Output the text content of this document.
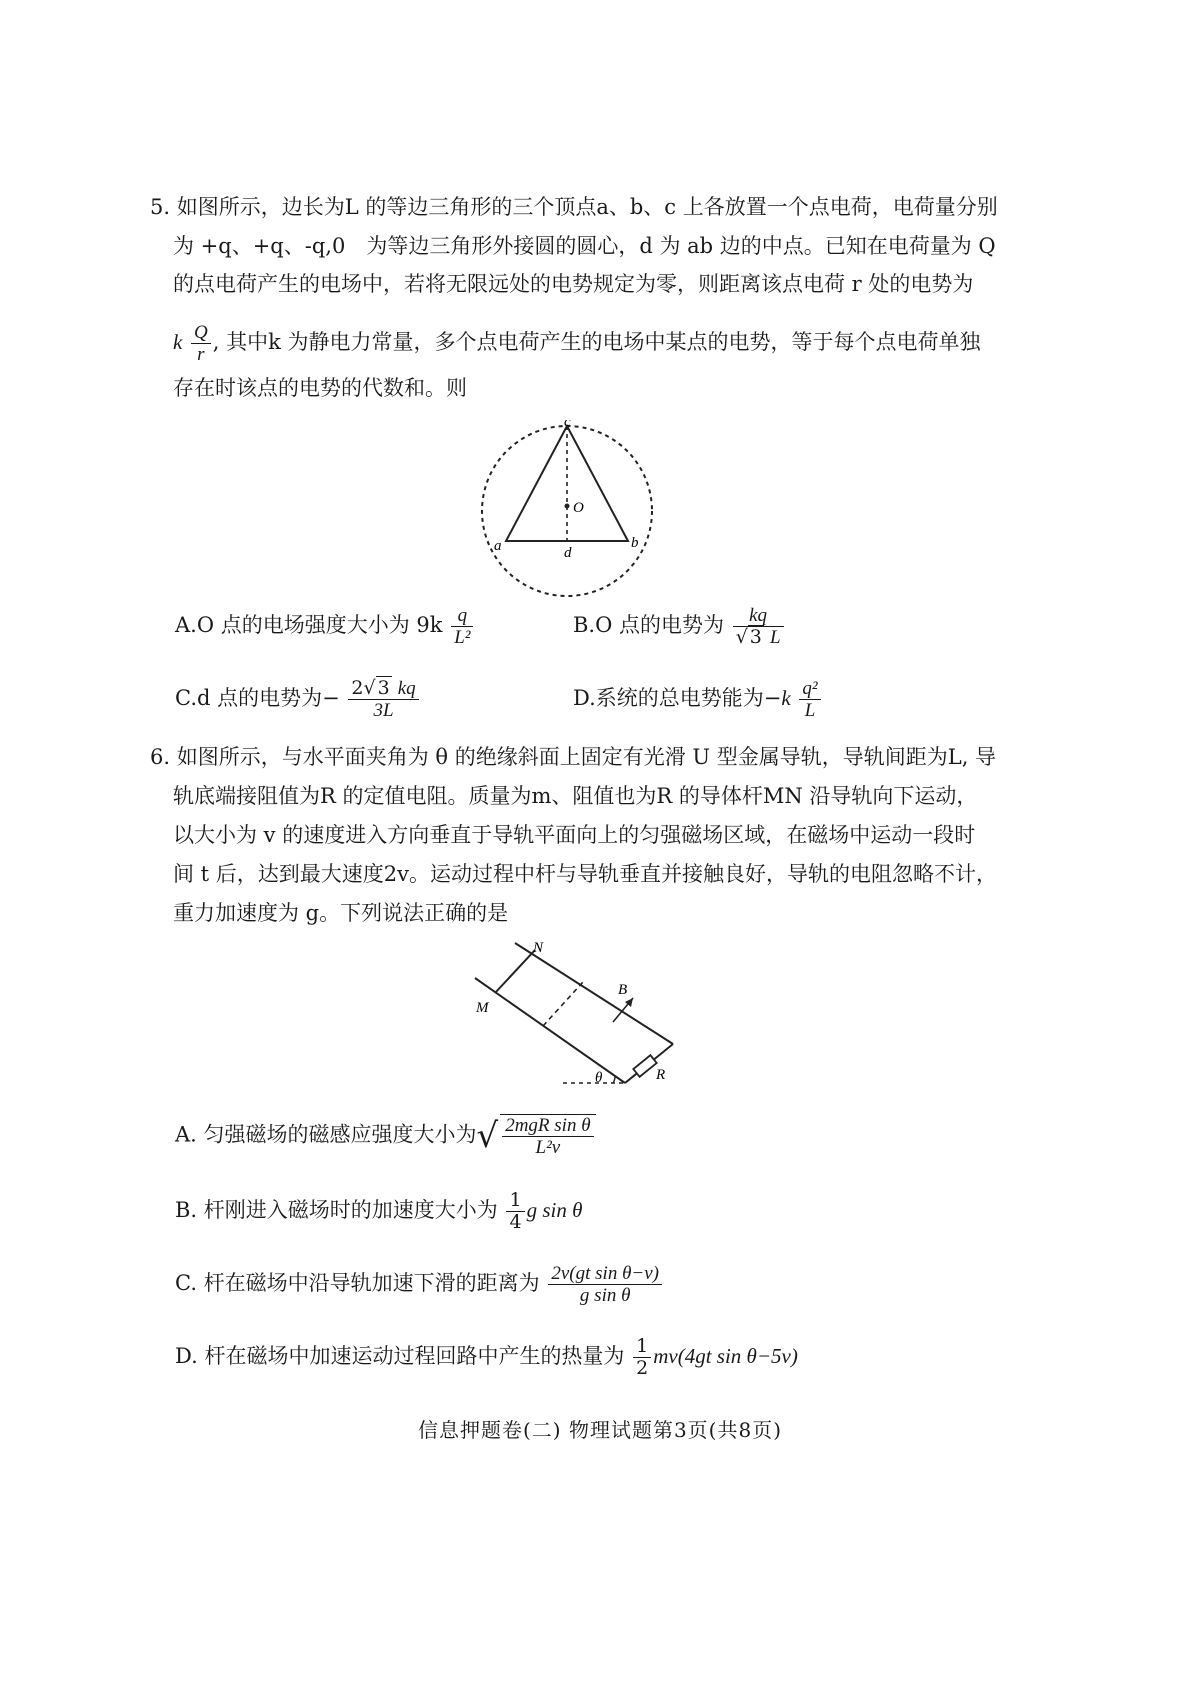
5. 如图所示，边长为L 的等边三角形的三个顶点a、b、c 上各放置一个点电荷，电荷量分别
为 +q、+q、-q,0　为等边三角形外接圆的圆心，d 为 ab 边的中点。已知在电荷量为 Q
的点电荷产生的电场中，若将无限远处的电势规定为零，则距离该点电荷 r 处的电势为
k $\frac{Q}{r}$ , 其中k 为静电力常量，多个点电荷产生的电场中某点的电势，等于每个点电荷单独
存在时该点的电势的代数和。则
c
O
a	b
d
A.O 点的电场强度大小为 $9k \frac{q}{\text{L²}}$	B.O 点的电势为 $\frac{kq}{√ 3 L}$
C.d 点的电势为− $\frac{2√ 3 kq}{3L}$	D.系统的总电势能为$-k \frac{\text{q²}}{L}$
6. 如图所示，与水平面夹角为 θ 的绝缘斜面上固定有光滑 U 型金属导轨，导轨间距为L, 导
轨底端接阻值为R 的定值电阻。质量为m、阻值也为R 的导体杆MN 沿导轨向下运动，
以大小为 v 的速度进入方向垂直于导轨平面向上的匀强磁场区域，在磁场中运动一段时
间 t 后，达到最大速度2v。运动过程中杆与导轨垂直并接触良好，导轨的电阻忽略不计，
重力加速度为 g。下列说法正确的是
N
M
B
R
θ
A. 匀强磁场的磁感应强度大小为√ $\frac{\text{2mgR sin θ}}{\text{L²v}}$
B. 杆刚进入磁场时的加速度大小为 $\frac{1}{4}$ g sin θ
C. 杆在磁场中沿导轨加速下滑的距离为 $\frac{\text{2v(gt sin θ−v)}}{\text{g sin θ}}$
D. 杆在磁场中加速运动过程回路中产生的热量为 $\frac{1}{2} mv(4gt$ sin θ−5v)
信息押题卷(二) 物理试题第3页(共8页)
